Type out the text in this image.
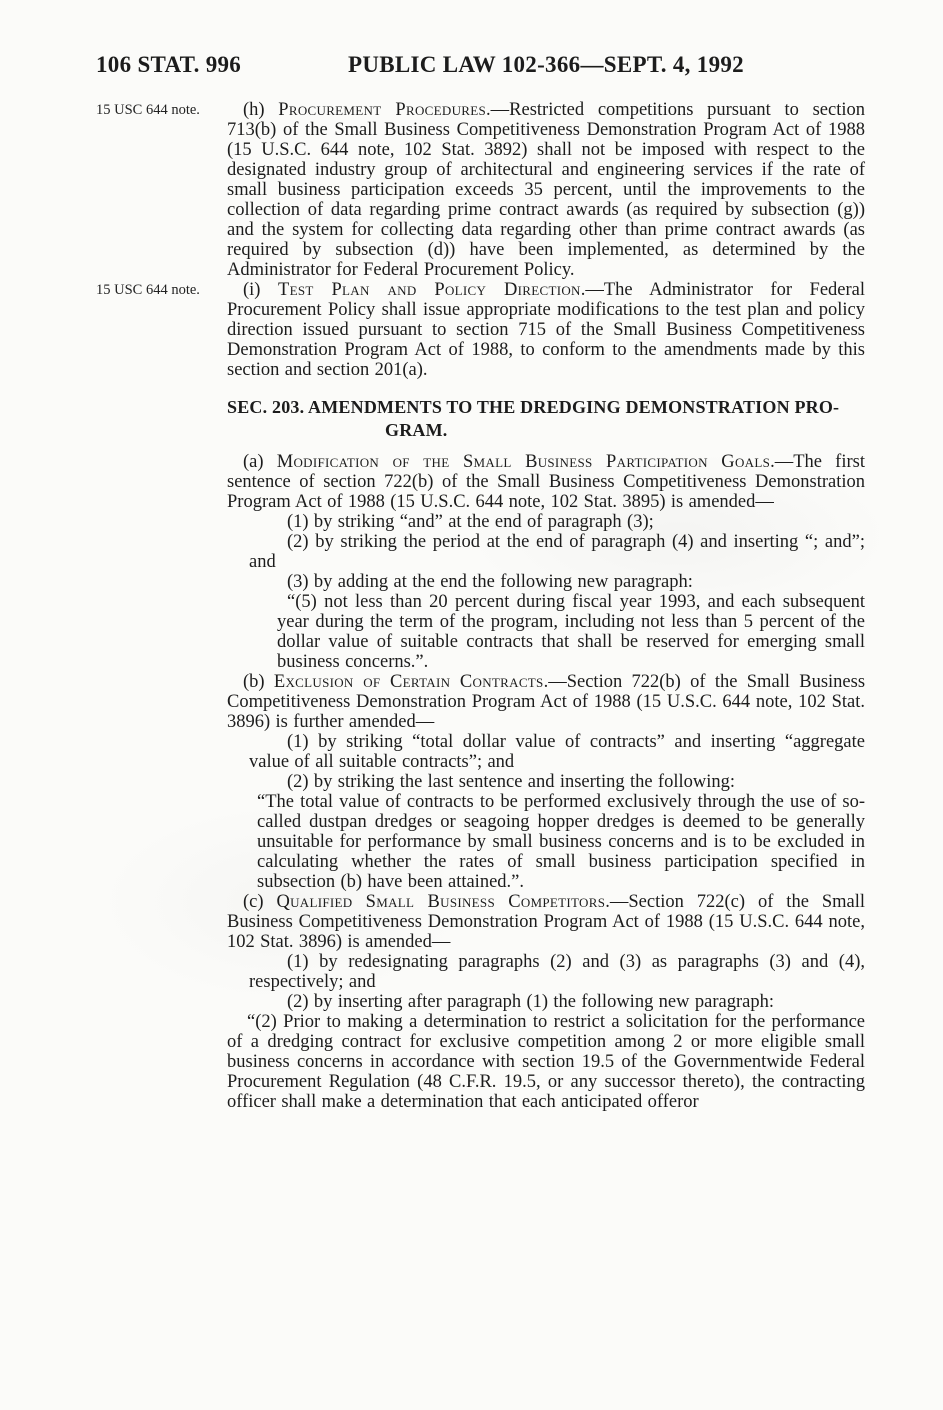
106 STAT. 996	PUBLIC LAW 102-366—SEPT. 4, 1992
15 USC 644 note.	(h) Procurement Procedures.—Restricted competitions pursuant to section 713(b) of the Small Business Competitiveness Demonstration Program Act of 1988 (15 U.S.C. 644 note, 102 Stat. 3892) shall not be imposed with respect to the designated industry group of architectural and engineering services if the rate of small business participation exceeds 35 percent, until the improvements to the collection of data regarding prime contract awards (as required by subsection (g)) and the system for collecting data regarding other than prime contract awards (as required by subsection (d)) have been implemented, as determined by the Administrator for Federal Procurement Policy.

15 USC 644 note.	(i) Test Plan and Policy Direction.—The Administrator for Federal Procurement Policy shall issue appropriate modifications to the test plan and policy direction issued pursuant to section 715 of the Small Business Competitiveness Demonstration Program Act of 1988, to conform to the amendments made by this section and section 201(a).

SEC. 203. AMENDMENTS TO THE DREDGING DEMONSTRATION PRO-
GRAM.

(a) Modification of the Small Business Participation Goals.—The first sentence of section 722(b) of the Small Business Competitiveness Demonstration Program Act of 1988 (15 U.S.C. 644 note, 102 Stat. 3895) is amended—

(1) by striking “and” at the end of paragraph (3);

(2) by striking the period at the end of paragraph (4) and inserting “; and”; and

(3) by adding at the end the following new paragraph:

“(5) not less than 20 percent during fiscal year 1993, and each subsequent year during the term of the program, including not less than 5 percent of the dollar value of suitable contracts that shall be reserved for emerging small business concerns.”.

(b) Exclusion of Certain Contracts.—Section 722(b) of the Small Business Competitiveness Demonstration Program Act of 1988 (15 U.S.C. 644 note, 102 Stat. 3896) is further amended—

(1) by striking “total dollar value of contracts” and inserting “aggregate value of all suitable contracts”; and

(2) by striking the last sentence and inserting the following:

“The total value of contracts to be performed exclusively through the use of so-called dustpan dredges or seagoing hopper dredges is deemed to be generally unsuitable for performance by small business concerns and is to be excluded in calculating whether the rates of small business participation specified in subsection (b) have been attained.”.

(c) Qualified Small Business Competitors.—Section 722(c) of the Small Business Competitiveness Demonstration Program Act of 1988 (15 U.S.C. 644 note, 102 Stat. 3896) is amended—

(1) by redesignating paragraphs (2) and (3) as paragraphs (3) and (4), respectively; and

(2) by inserting after paragraph (1) the following new paragraph:

“(2) Prior to making a determination to restrict a solicitation for the performance of a dredging contract for exclusive competition among 2 or more eligible small business concerns in accordance with section 19.5 of the Governmentwide Federal Procurement Regulation (48 C.F.R. 19.5, or any successor thereto), the contracting officer shall make a determination that each anticipated offeror
